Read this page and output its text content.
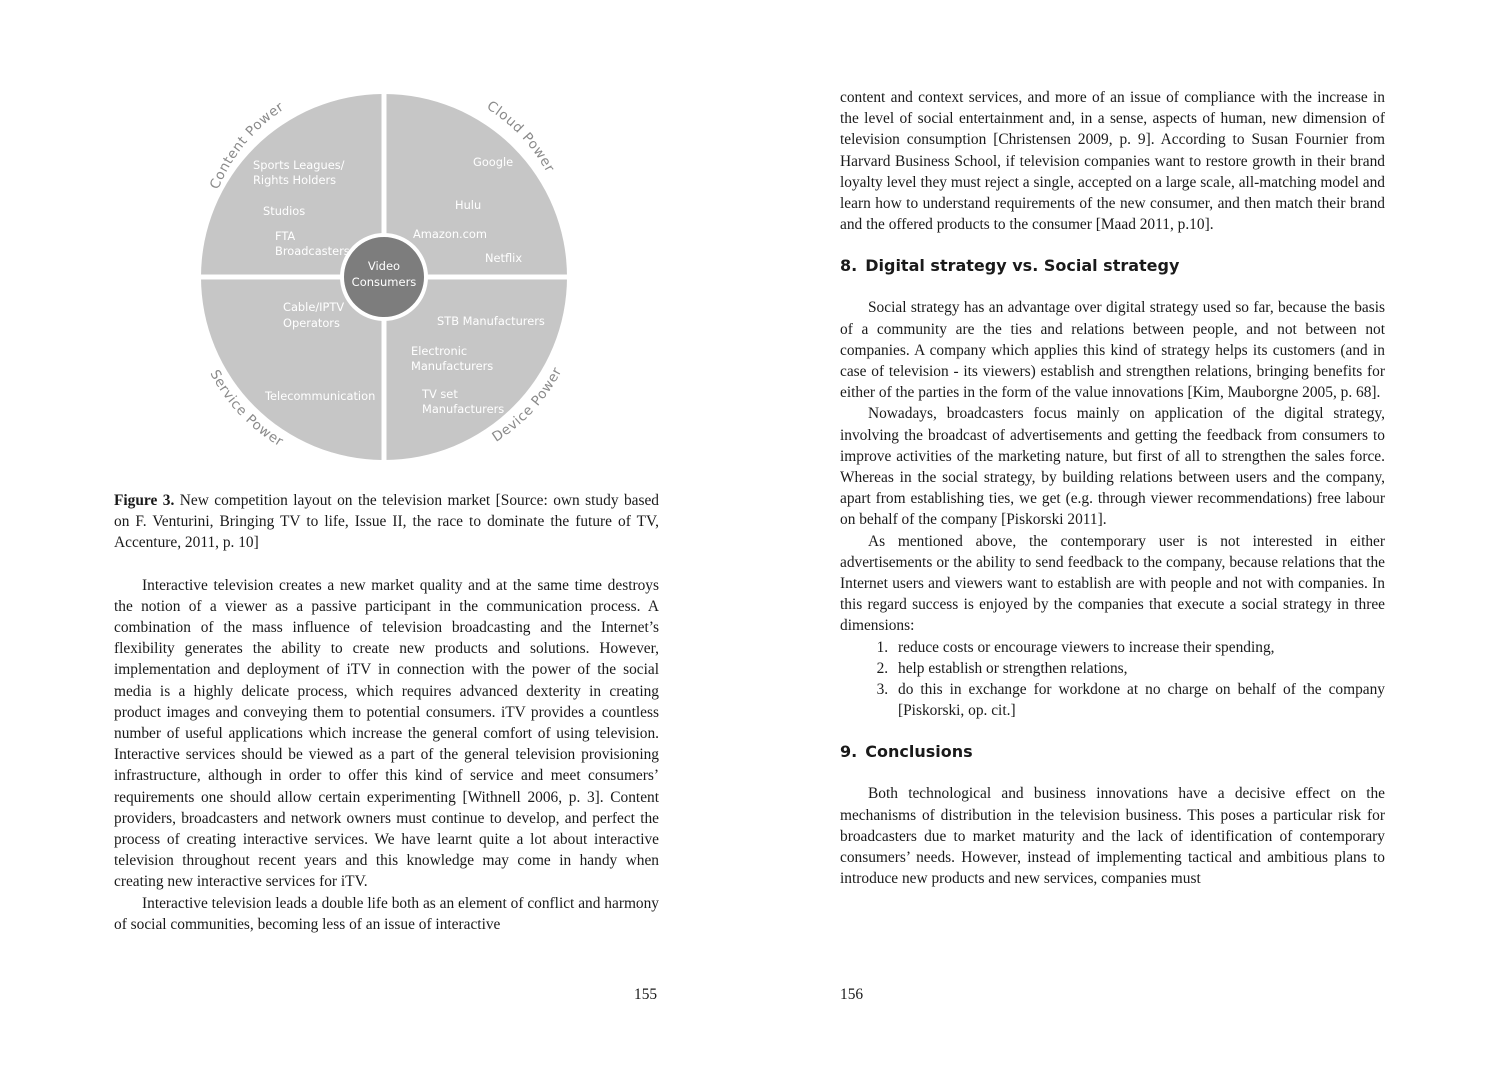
Content Power	Cloud Power
Service Power	Device Power
Video
Consumers
Sports Leagues/
Rights Holders
Studios
FTA
Broadcasters
Google
Hulu
Amazon.com
Netflix
Cable/IPTV
Operators
Telecommunication
STB Manufacturers
Electronic
Manufacturers
TV set
Manufacturers

Figure 3. New competition layout on the television market [Source: own study based on F. Venturini, Bringing TV to life, Issue II, the race to dominate the future of TV, Accenture, 2011, p. 10]

Interactive television creates a new market quality and at the same time destroys the notion of a viewer as a passive participant in the communication process. A combination of the mass influence of television broadcasting and the Internet’s flexibility generates the ability to create new products and solutions. However, implementation and deployment of iTV in connection with the power of the social media is a highly delicate process, which requires advanced dexterity in creating product images and conveying them to potential consumers. iTV provides a countless number of useful applications which increase the general comfort of using television. Interactive services should be viewed as a part of the general television provisioning infrastructure, although in order to offer this kind of service and meet consumers’ requirements one should allow certain experimenting [Withnell 2006, p. 3]. Content providers, broadcasters and network owners must continue to develop, and perfect the process of creating interactive services. We have learnt quite a lot about interactive television throughout recent years and this knowledge may come in handy when creating new interactive services for iTV.

Interactive television leads a double life both as an element of conflict and harmony of social communities, becoming less of an issue of interactive

155

content and context services, and more of an issue of compliance with the increase in the level of social entertainment and, in a sense, aspects of human, new dimension of television consumption [Christensen 2009, p. 9]. According to Susan Fournier from Harvard Business School, if television companies want to restore growth in their brand loyalty level they must reject a single, accepted on a large scale, all-matching model and learn how to understand requirements of the new consumer, and then match their brand and the offered products to the consumer [Maad 2011, p.10].

8. Digital strategy vs. Social strategy

Social strategy has an advantage over digital strategy used so far, because the basis of a community are the ties and relations between people, and not between not companies. A company which applies this kind of strategy helps its customers (and in case of television - its viewers) establish and strengthen relations, bringing benefits for either of the parties in the form of the value innovations [Kim, Mauborgne 2005, p. 68].

Nowadays, broadcasters focus mainly on application of the digital strategy, involving the broadcast of advertisements and getting the feedback from consumers to improve activities of the marketing nature, but first of all to strengthen the sales force. Whereas in the social strategy, by building relations between users and the company, apart from establishing ties, we get (e.g. through viewer recommendations) free labour on behalf of the company [Piskorski 2011].

As mentioned above, the contemporary user is not interested in either advertisements or the ability to send feedback to the company, because relations that the Internet users and viewers want to establish are with people and not with companies. In this regard success is enjoyed by the companies that execute a social strategy in three dimensions:

1. reduce costs or encourage viewers to increase their spending,
2. help establish or strengthen relations,
3. do this in exchange for workdone at no charge on behalf of the company [Piskorski, op. cit.]
9. Conclusions

Both technological and business innovations have a decisive effect on the mechanisms of distribution in the television business. This poses a particular risk for broadcasters due to market maturity and the lack of identification of contemporary consumers’ needs. However, instead of implementing tactical and ambitious plans to introduce new products and new services, companies must

156
